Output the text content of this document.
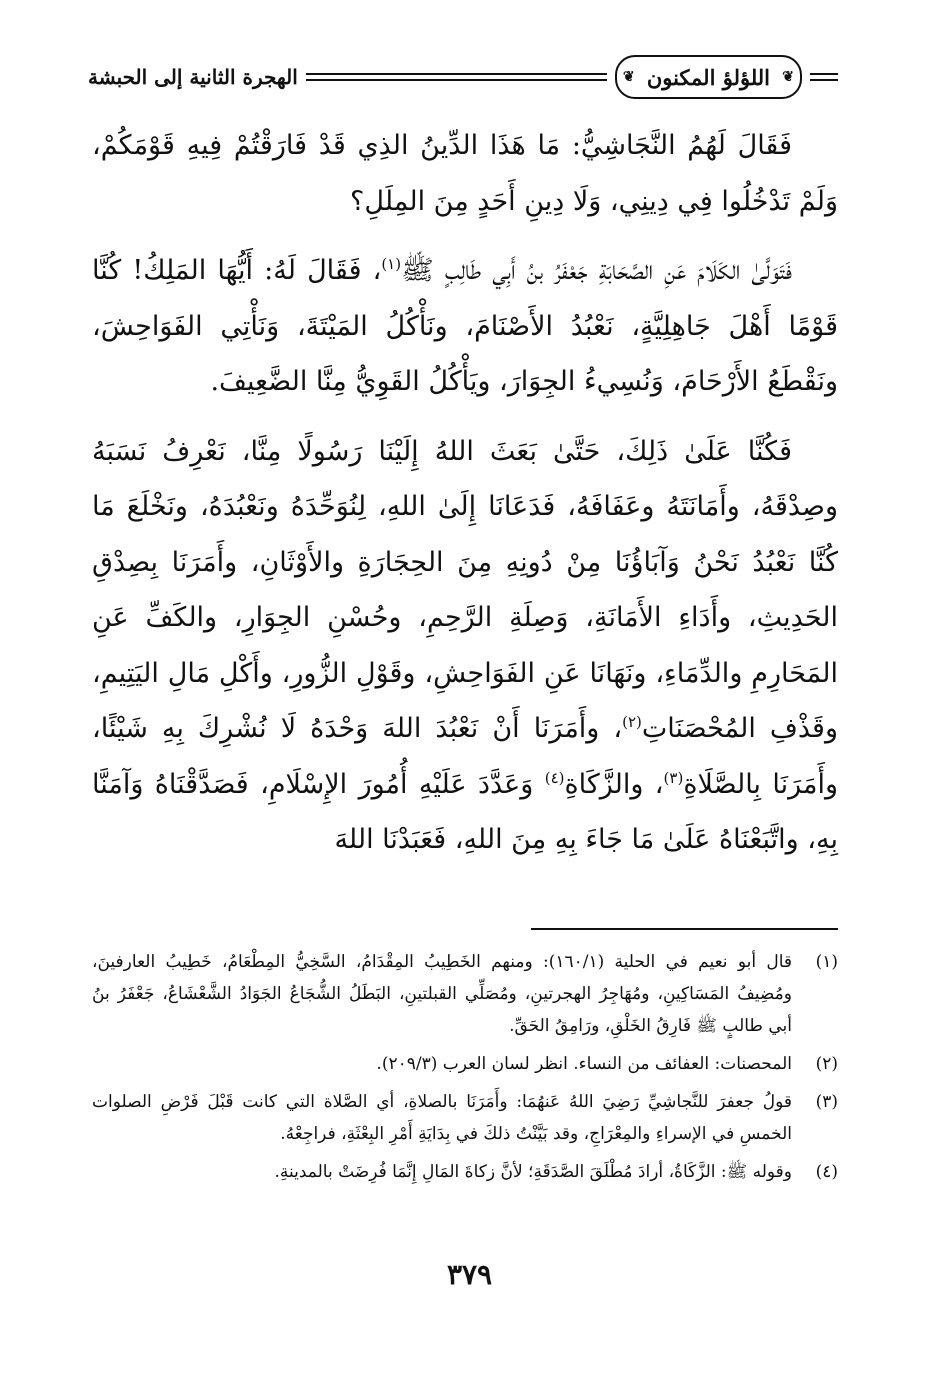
❦
اللؤلؤ المكنون
❦
الهجرة الثانية إلى الحبشة

فَقَالَ لَهُمُ النَّجَاشِيُّ: مَا هَذَا الدِّينُ الذِي قَدْ فَارَقْتُمْ فِيهِ قَوْمَكُمْ، وَلَمْ تَدْخُلُوا فِي دِينِي، وَلَا دِينِ أَحَدٍ مِنَ المِلَلِ؟

فَتَوَلَّىٰ الكَلَامَ عَنِ الصَّحَابَةِ جَعْفَرُ بنُ أَبِي طَالِبٍ ﷺ$^{(١)}$، فَقَالَ لَهُ: أَيُّهَا المَلِكُ! كُنَّا قَوْمًا أَهْلَ جَاهِلِيَّةٍ، نَعْبُدُ الأَصْنَامَ، ونَأْكُلُ المَيْتَةَ، وَنَأْتِي الفَوَاحِشَ، ونَقْطَعُ الأَرْحَامَ، وَنُسِيءُ الجِوَارَ، ويَأْكُلُ القَوِيُّ مِنَّا الضَّعِيفَ.

فَكُنَّا عَلَىٰ ذَلِكَ، حَتَّىٰ بَعَثَ اللهُ إِلَيْنَا رَسُولًا مِنَّا، نَعْرِفُ نَسَبَهُ وصِدْقَهُ، وأَمَانَتَهُ وعَفَافَهُ، فَدَعَانَا إِلَىٰ اللهِ، لِنُوَحِّدَهُ ونَعْبُدَهُ، ونَخْلَعَ مَا كُنَّا نَعْبُدُ نَحْنُ وَآبَاؤُنَا مِنْ دُونِهِ مِنَ الحِجَارَةِ والأَوْثَانِ، وأَمَرَنَا بِصِدْقِ الحَدِيثِ، وأَدَاءِ الأَمَانَةِ، وَصِلَةِ الرَّحِمِ، وحُسْنِ الجِوَارِ، والكَفِّ عَنِ المَحَارِمِ والدِّمَاءِ، ونَهَانَا عَنِ الفَوَاحِشِ، وقَوْلِ الزُّورِ، وأَكْلِ مَالِ اليَتِيمِ، وقَذْفِ المُحْصَنَاتِ$^{(٢)}$، وأَمَرَنَا أَنْ نَعْبُدَ اللهَ وَحْدَهُ لَا نُشْرِكَ بِهِ شَيْئًا، وأَمَرَنَا بِالصَّلَاةِ$^{(٣)}$، والزَّكَاةِ$^{(٤)}$ وَعَدَّدَ عَلَيْهِ أُمُورَ الإِسْلَامِ، فَصَدَّقْنَاهُ وَآمَنَّا بِهِ، واتَّبَعْنَاهُ عَلَىٰ مَا جَاءَ بِهِ مِنَ اللهِ، فَعَبَدْنَا اللهَ

(١)
قال أبو نعيم في الحلية (١٦٠/١): ومنهم الخَطِيبُ المِقْدَامُ، السَّخِيُّ المِطْعَامُ، خَطِيبُ العارفينَ، ومُضِيفُ المَسَاكِينِ، ومُهَاجِرُ الهجرتينِ، ومُصَلِّي القبلتينِ، البَطَلُ الشُّجَاعُ الجَوَادُ الشَّعْشَاعُ، جَعْفَرُ بنُ أبي طالبٍ ﷺ فَارِقُ الخَلْقِ، ورَامِقُ الحَقِّ.
(٢)
المحصنات: العفائف من النساء. انظر لسان العرب (٢٠٩/٣).
(٣)
قولُ جعفرَ للنَّجاشِيِّ رَضِيَ اللهُ عَنهُمَا: وأَمَرَنَا بالصلاةِ، أي الصَّلاة التي كانت قَبْلَ فَرْضِ الصلوات الخمسِ في الإسراءِ والمِعْرَاجِ، وقد بَيَّنْتُ ذلكَ في بِدَايَةِ أَمْرِ البِعْثَةِ، فراجِعْهُ.
(٤)
وقوله ﷺ: الزَّكَاةُ، أرادَ مُطْلَقَ الصَّدَقَةِ؛ لأنَّ زكاةَ المَالِ إِنَّمَا فُرِضَتْ بالمدينةِ.
٣٧٩
